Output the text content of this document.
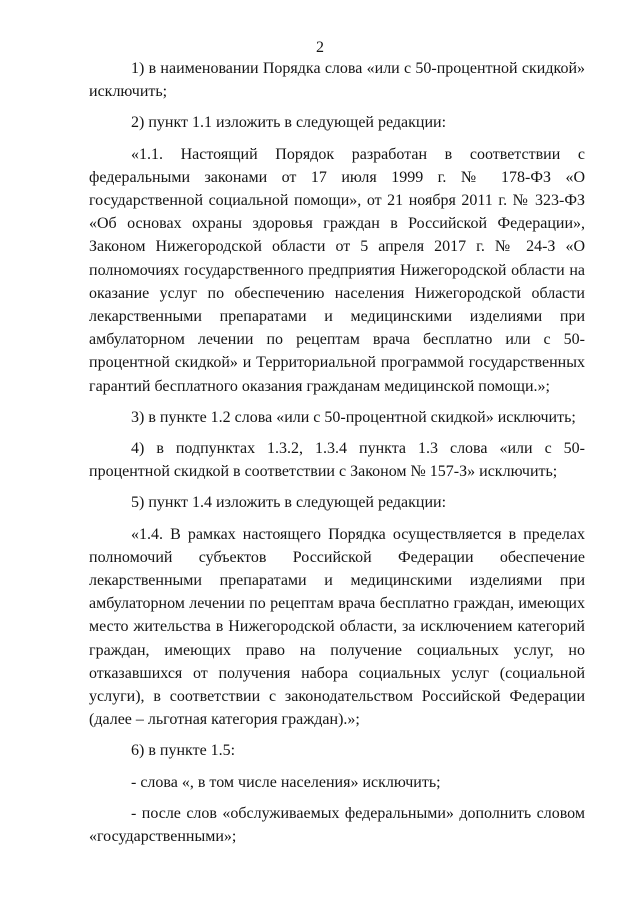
2

1) в наименовании Порядка слова «или с 50-процентной скидкой» исключить;

2) пункт 1.1 изложить в следующей редакции:

«1.1. Настоящий Порядок разработан в соответствии с федеральными законами от 17 июля 1999 г. № 178-ФЗ «О государственной социальной помощи», от 21 ноября 2011 г. № 323-ФЗ «Об основах охраны здоровья граждан в Российской Федерации», Законом Нижегородской области от 5 апреля 2017 г. № 24-З «О полномочиях государственного предприятия Нижегородской области на оказание услуг по обеспечению населения Нижегородской области лекарственными препаратами и медицинскими изделиями при амбулаторном лечении по рецептам врача бесплатно или с 50-процентной скидкой» и Территориальной программой государственных гарантий бесплатного оказания гражданам медицинской помощи.»;

3) в пункте 1.2 слова «или с 50-процентной скидкой» исключить;

4) в подпунктах 1.3.2, 1.3.4 пункта 1.3 слова «или с 50-процентной скидкой в соответствии с Законом № 157-З» исключить;

5) пункт 1.4 изложить в следующей редакции:

«1.4. В рамках настоящего Порядка осуществляется в пределах полномочий субъектов Российской Федерации обеспечение лекарственными препаратами и медицинскими изделиями при амбулаторном лечении по рецептам врача бесплатно граждан, имеющих место жительства в Нижегородской области, за исключением категорий граждан, имеющих право на получение социальных услуг, но отказавшихся от получения набора социальных услуг (социальной услуги), в соответствии с законодательством Российской Федерации (далее – льготная категория граждан).»;

6) в пункте 1.5:

- слова «, в том числе населения» исключить;

- после слов «обслуживаемых федеральными» дополнить словом «государственными»;
